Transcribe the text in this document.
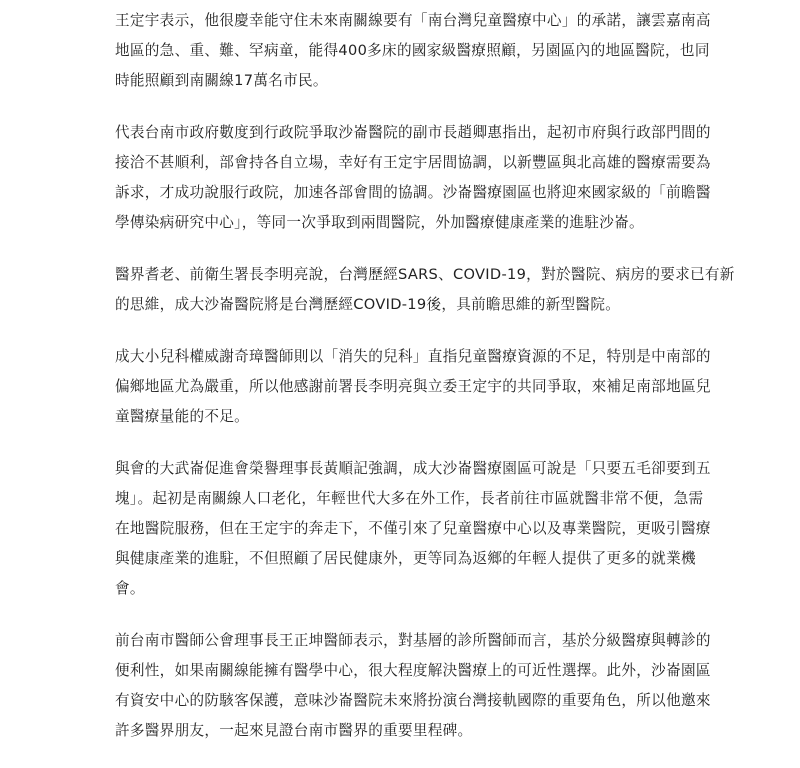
王定宇表示，他很慶幸能守住未來南關線要有「南台灣兒童醫療中心」的承諾，讓雲嘉南高
地區的急、重、難、罕病童，能得400多床的國家級醫療照顧，另園區內的地區醫院，也同
時能照顧到南關線17萬名市民。

代表台南市政府數度到行政院爭取沙崙醫院的副市長趙卿惠指出，起初市府與行政部門間的
接洽不甚順利，部會持各自立場，幸好有王定宇居間協調，以新豐區與北高雄的醫療需要為
訴求，才成功說服行政院，加速各部會間的協調。沙崙醫療園區也將迎來國家級的「前瞻醫
學傳染病研究中心」，等同一次爭取到兩間醫院，外加醫療健康產業的進駐沙崙。

醫界耆老、前衛生署長李明亮說，台灣歷經SARS、COVID-19，對於醫院、病房的要求已有新
的思維，成大沙崙醫院將是台灣歷經COVID-19後，具前瞻思維的新型醫院。

成大小兒科權威謝奇璋醫師則以「消失的兒科」直指兒童醫療資源的不足，特別是中南部的
偏鄉地區尤為嚴重，所以他感謝前署長李明亮與立委王定宇的共同爭取，來補足南部地區兒
童醫療量能的不足。

與會的大武崙促進會榮譽理事長黃順記強調，成大沙崙醫療園區可說是「只要五毛卻要到五
塊」。起初是南關線人口老化，年輕世代大多在外工作，長者前往市區就醫非常不便，急需
在地醫院服務，但在王定宇的奔走下，不僅引來了兒童醫療中心以及專業醫院，更吸引醫療
與健康產業的進駐，不但照顧了居民健康外，更等同為返鄉的年輕人提供了更多的就業機
會。

前台南市醫師公會理事長王正坤醫師表示，對基層的診所醫師而言，基於分級醫療與轉診的
便利性，如果南關線能擁有醫學中心，很大程度解決醫療上的可近性選擇。此外，沙崙園區
有資安中心的防駭客保護，意味沙崙醫院未來將扮演台灣接軌國際的重要角色，所以他邀來
許多醫界朋友，一起來見證台南市醫界的重要里程碑。
